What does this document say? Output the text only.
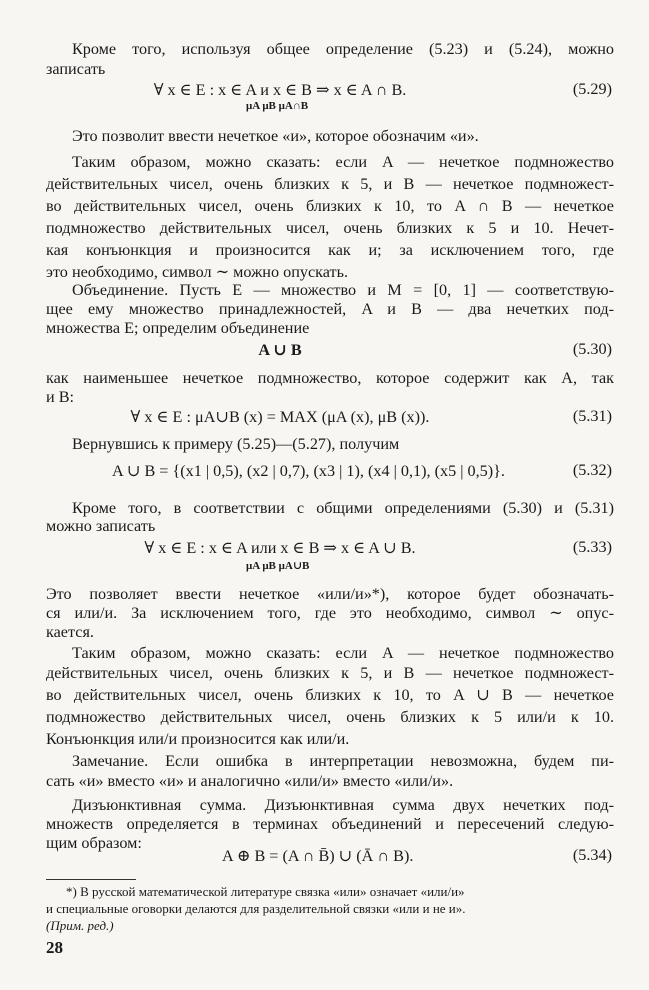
Кроме того, используя общее определение (5.23) и (5.24), можно

записать

∀ x ∈ E : x ∈ A и x ∈ B ⇒ x ∈ A ∩ B.
μA μB μA∩B
(5.29)

Это позволит ввести нечеткое «и», которое обозначим «и».

Таким образом, можно сказать: если A — нечеткое подмножество

действительных чисел, очень близких к 5, и B — нечеткое подмножест-

во действительных чисел, очень близких к 10, то A ∩ B — нечеткое

подмножество действительных чисел, очень близких к 5 и 10. Нечет-

кая конъюнкция и произносится как и; за исключением того, где

это необходимо, символ ∼ можно опускать.

Объединение. Пусть E — множество и M = [0, 1] — соответствую-

щее ему множество принадлежностей, A и B — два нечетких под-

множества E; определим объединение

A ∪ B	(5.30)

как наименьшее нечеткое подмножество, которое содержит как A, так

и B:

∀ x ∈ E : μA∪B (x) = MAX (μA (x), μB (x)).	(5.31)

Вернувшись к примеру (5.25)—(5.27), получим

A ∪ B = {(x1 | 0,5), (x2 | 0,7), (x3 | 1), (x4 | 0,1), (x5 | 0,5)}.	(5.32)

Кроме того, в соответствии с общими определениями (5.30) и (5.31)

можно записать

∀ x ∈ E : x ∈ A или x ∈ B ⇒ x ∈ A ∪ B.
μA μB μA∪B
(5.33)

Это позволяет ввести нечеткое «или/и»*), которое будет обозначать-

ся или/и. За исключением того, где это необходимо, символ ∼ опус-

кается.

Таким образом, можно сказать: если A — нечеткое подмножество

действительных чисел, очень близких к 5, и B — нечеткое подмножест-

во действительных чисел, очень близких к 10, то A ∪ B — нечеткое

подмножество действительных чисел, очень близких к 5 или/и к 10.

Конъюнкция или/и произносится как или/и.

Замечание. Если ошибка в интерпретации невозможна, будем пи-

сать «и» вместо «и» и аналогично «или/и» вместо «или/и».

Дизъюнктивная сумма. Дизъюнктивная сумма двух нечетких под-

множеств определяется в терминах объединений и пересечений следую-

щим образом:

A ⊕ B = (A ∩ B̄) ∪ (Ā ∩ B).	(5.34)
*) В русской математической литературе связка «или» означает «или/и»
и специальные оговорки делаются для разделительной связки «или и не и».
(Прим. ред.)
28
